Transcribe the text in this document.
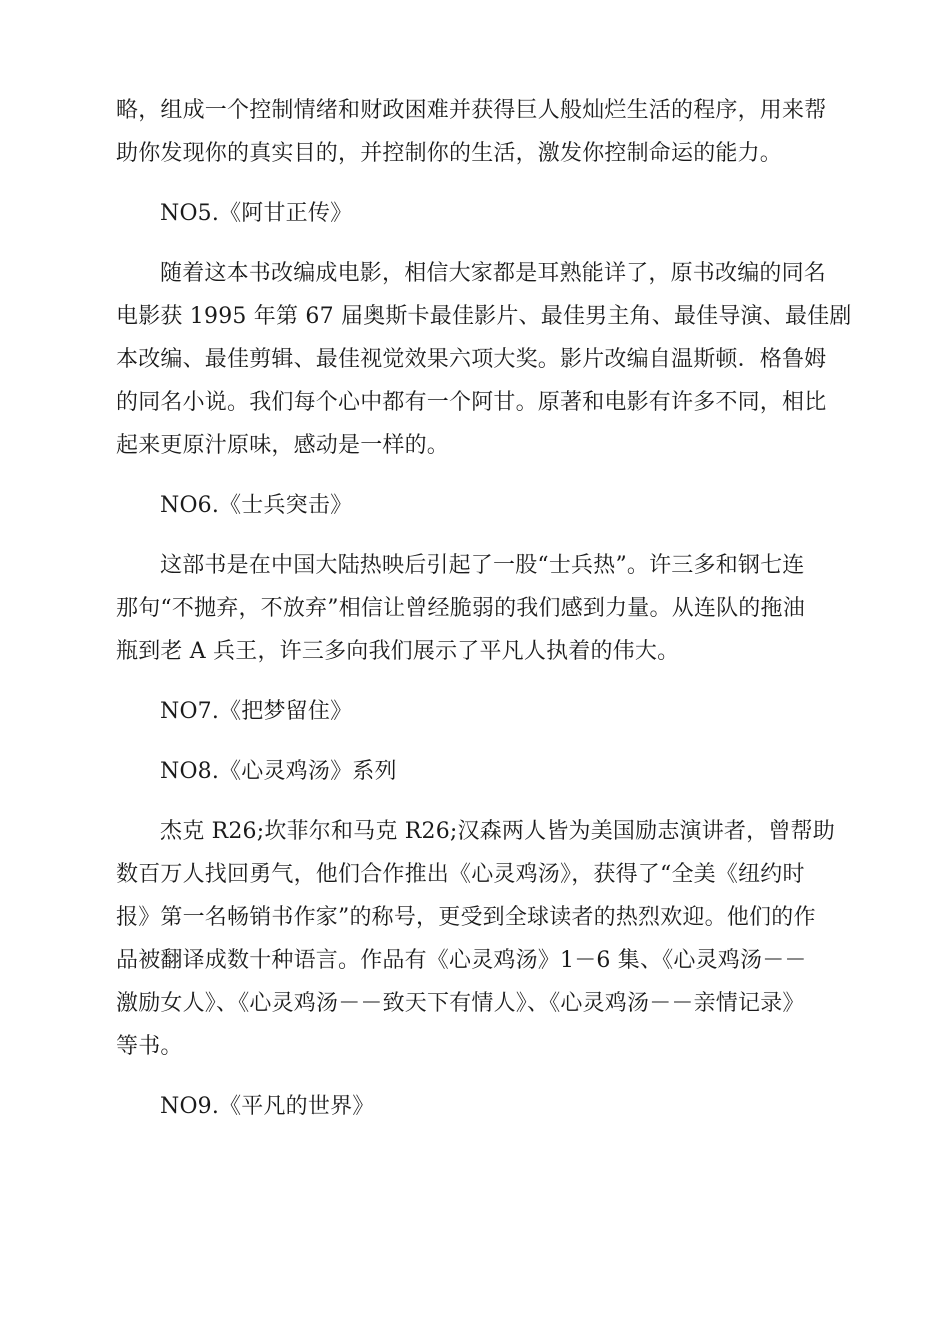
略，组成一个控制情绪和财政困难并获得巨人般灿烂生活的程序，用来帮
助你发现你的真实目的，并控制你的生活，激发你控制命运的能力。
NO5.《阿甘正传》
随着这本书改编成电影，相信大家都是耳熟能详了，原书改编的同名
电影获 1995 年第 67 届奥斯卡最佳影片、最佳男主角、最佳导演、最佳剧
本改编、最佳剪辑、最佳视觉效果六项大奖。影片改编自温斯顿．格鲁姆
的同名小说。我们每个心中都有一个阿甘。原著和电影有许多不同，相比
起来更原汁原味，感动是一样的。
NO6.《士兵突击》
这部书是在中国大陆热映后引起了一股“士兵热”。许三多和钢七连
那句“不抛弃，不放弃”相信让曾经脆弱的我们感到力量。从连队的拖油
瓶到老 A 兵王，许三多向我们展示了平凡人执着的伟大。
NO7.《把梦留住》
NO8.《心灵鸡汤》系列
杰克 R26;坎菲尔和马克 R26;汉森两人皆为美国励志演讲者，曾帮助
数百万人找回勇气，他们合作推出《心灵鸡汤》，获得了“全美《纽约时
报》第一名畅销书作家”的称号，更受到全球读者的热烈欢迎。他们的作
品被翻译成数十种语言。作品有《心灵鸡汤》1－6 集、《心灵鸡汤－－
激励女人》、《心灵鸡汤－－致天下有情人》、《心灵鸡汤－－亲情记录》
等书。
NO9.《平凡的世界》
